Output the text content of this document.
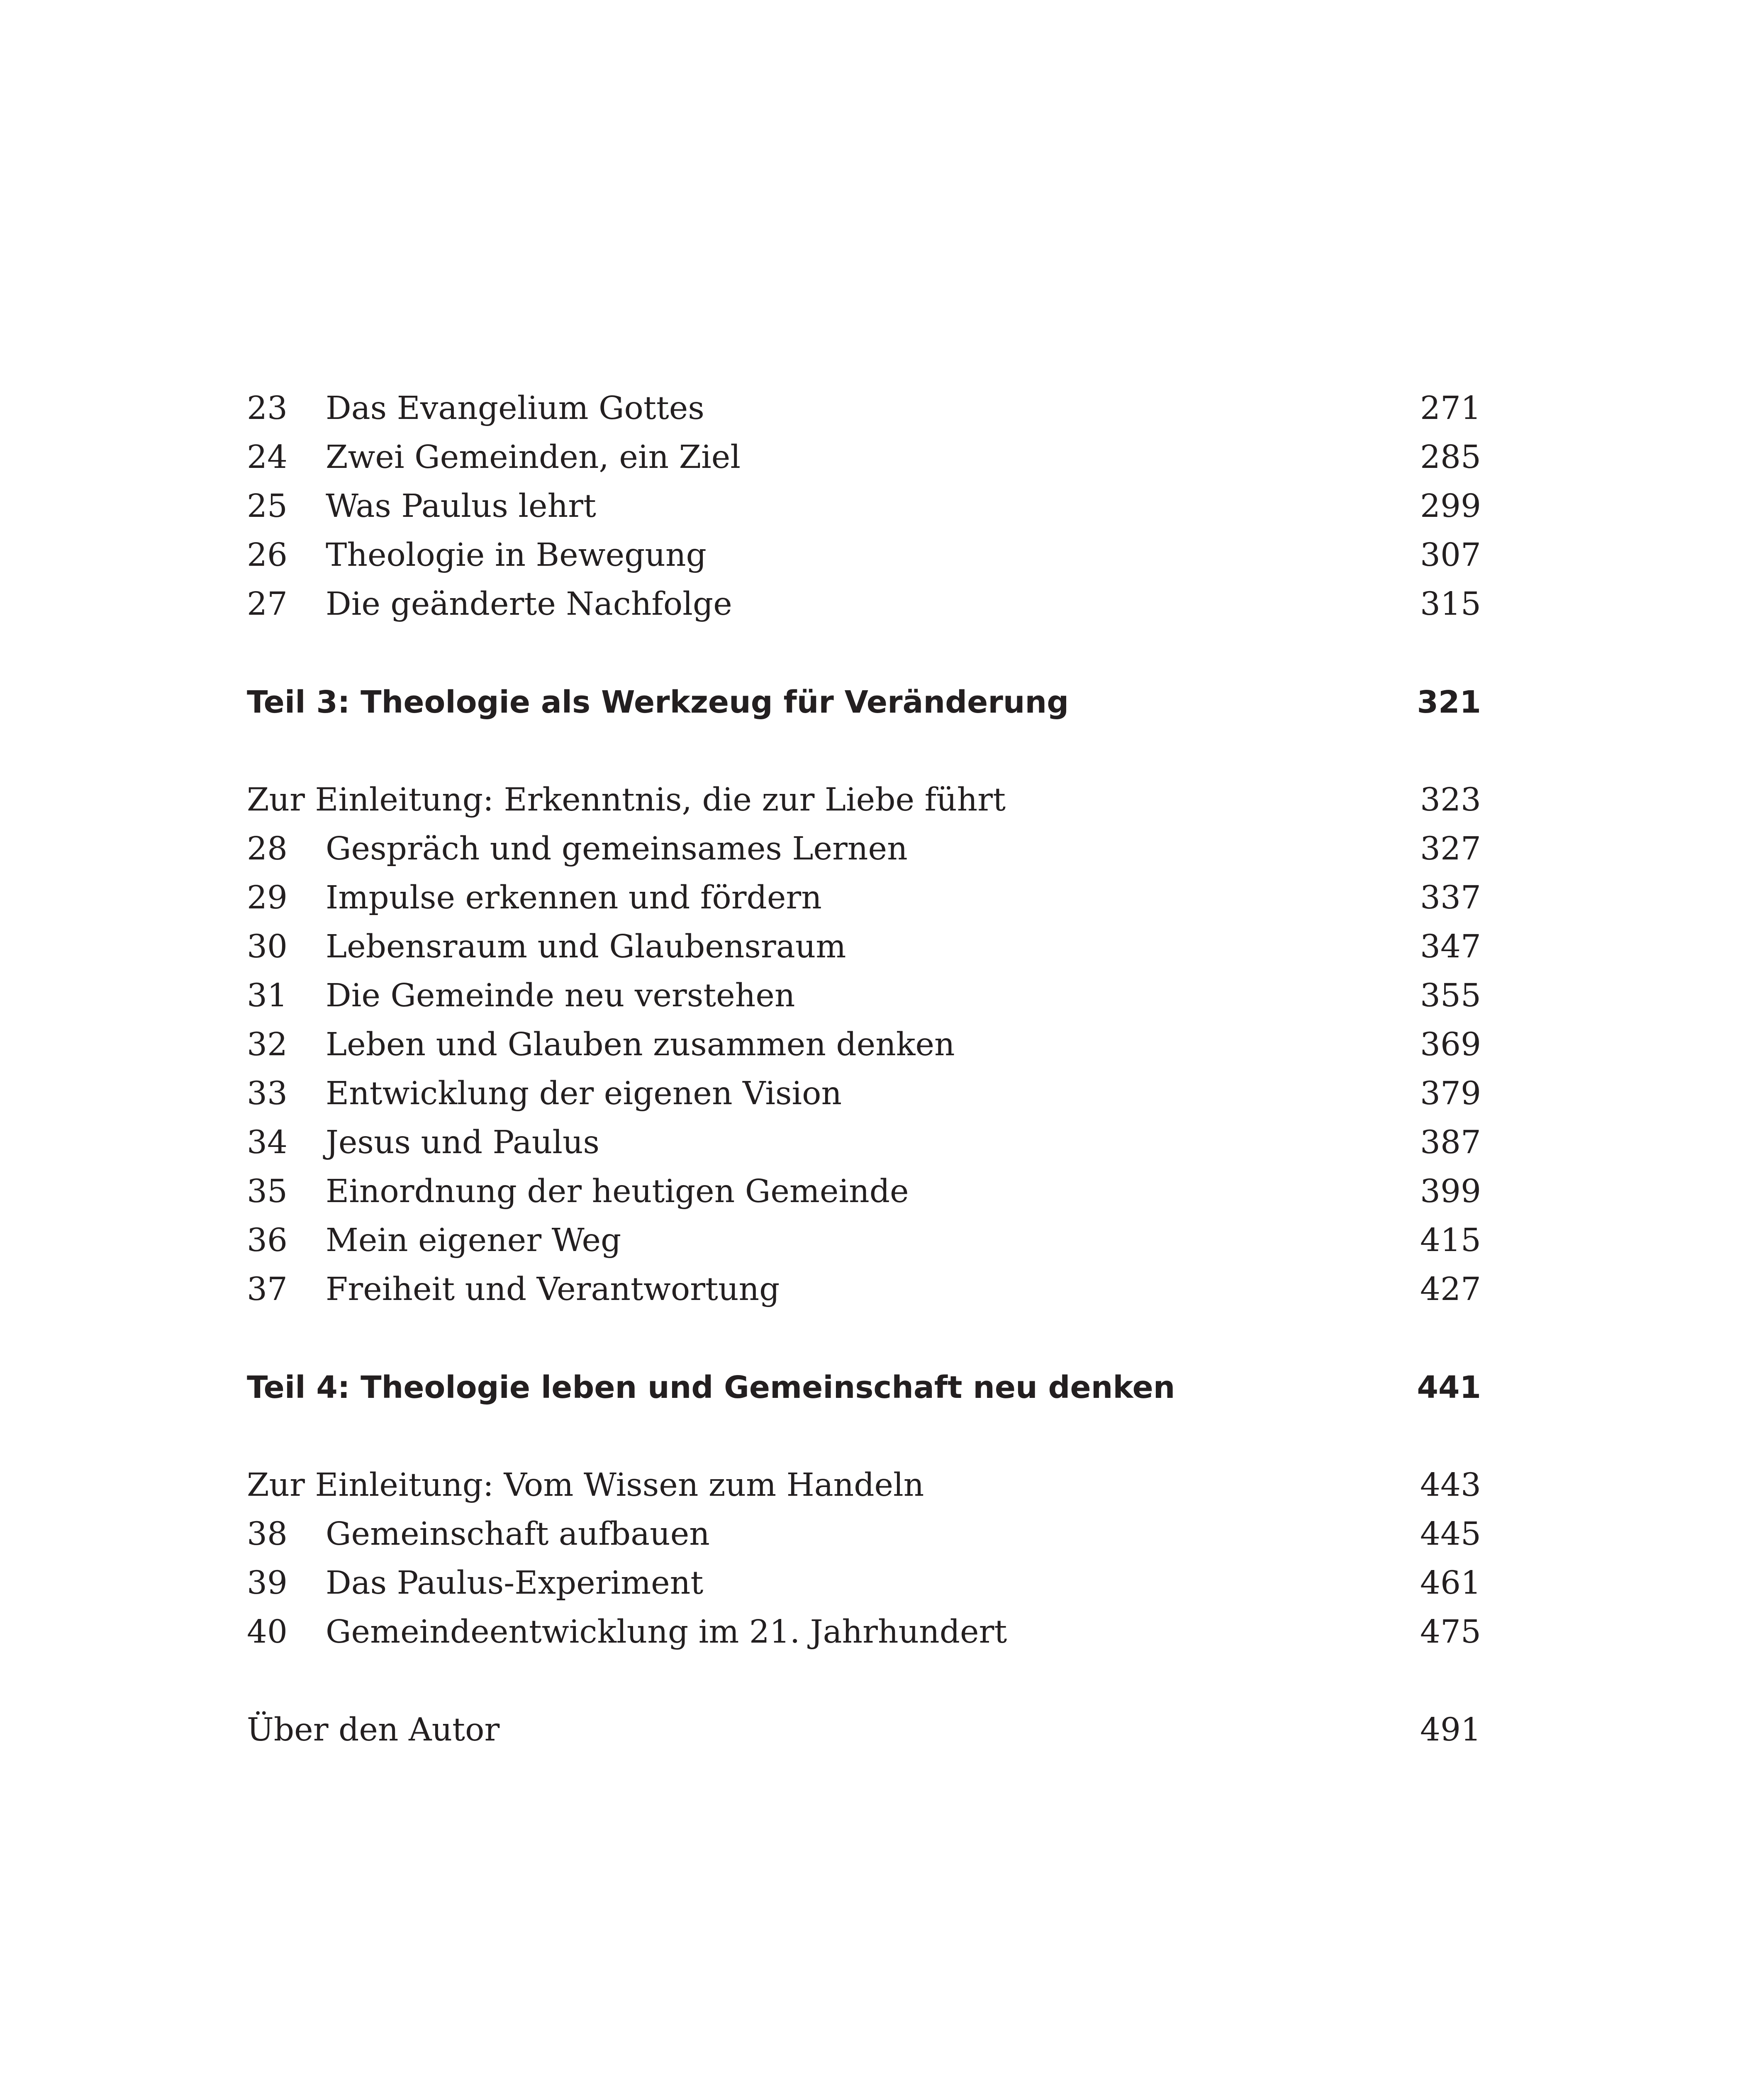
23 Das Evangelium Gottes	271
24 Zwei Gemeinden, ein Ziel	285
25 Was Paulus lehrt	299
26 Theologie in Bewegung	307
27 Die geänderte Nachfolge	315
Teil 3: Theologie als Werkzeug für Veränderung	321
Zur Einleitung: Erkenntnis, die zur Liebe führt	323
28 Gespräch und gemeinsames Lernen	327
29 Impulse erkennen und fördern	337
30 Lebensraum und Glaubensraum	347
31 Die Gemeinde neu verstehen	355
32 Leben und Glauben zusammen denken	369
33 Entwicklung der eigenen Vision	379
34 Jesus und Paulus	387
35 Einordnung der heutigen Gemeinde	399
36 Mein eigener Weg	415
37 Freiheit und Verantwortung	427
Teil 4: Theologie leben und Gemeinschaft neu denken	441
Zur Einleitung: Vom Wissen zum Handeln	443
38 Gemeinschaft aufbauen	445
39 Das Paulus-Experiment	461
40 Gemeindeentwicklung im 21. Jahrhundert	475
Über den Autor	491
